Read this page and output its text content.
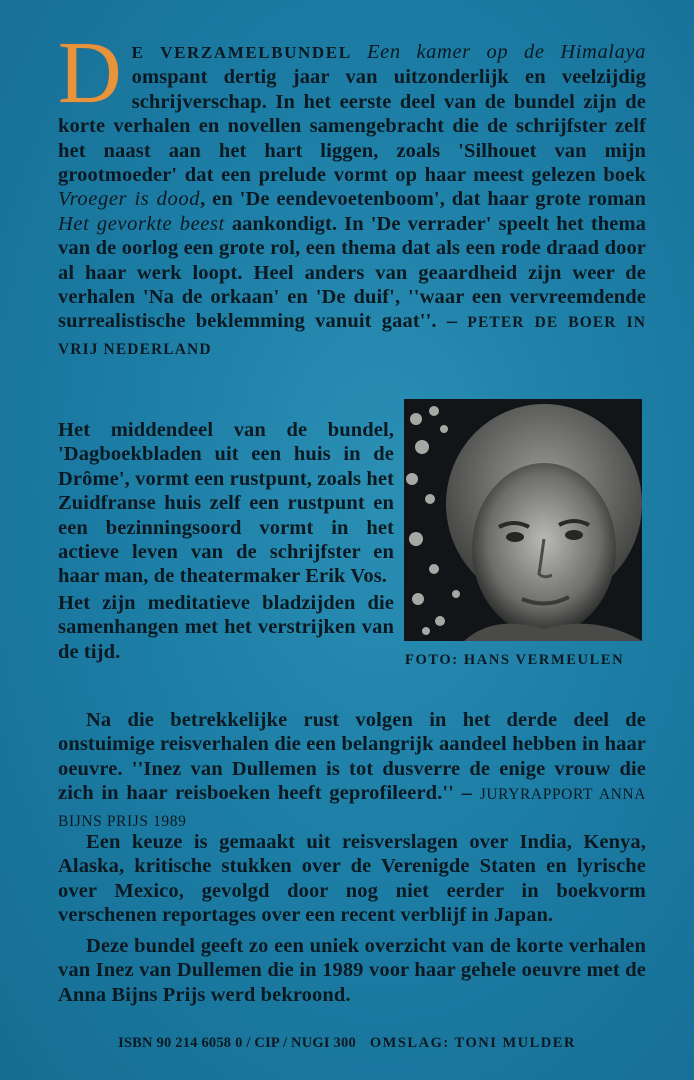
D E VERZAMELBUNDEL Een kamer op de Himalaya omspant dertig jaar van uitzonderlijk en veelzijdig schrijverschap. In het eerste deel van de bundel zijn de korte verhalen en novellen samengebracht die de schrijfster zelf het naast aan het hart liggen, zoals 'Silhouet van mijn grootmoeder' dat een prelude vormt op haar meest gelezen boek Vroeger is dood, en 'De eendevoetenboom', dat haar grote roman Het gevorkte beest aankondigt. In 'De verrader' speelt het thema van de oorlog een grote rol, een thema dat als een rode draad door al haar werk loopt. Heel anders van geaardheid zijn weer de verhalen 'Na de orkaan' en 'De duif', ''waar een vervreemdende surrealistische beklemming vanuit gaat''. – PETER DE BOER IN VRIJ NEDERLAND

Het middendeel van de bundel, 'Dagboekbladen uit een huis in de Drôme', vormt een rustpunt, zoals het Zuidfranse huis zelf een rustpunt en een bezinningsoord vormt in het actieve leven van de schrijfster en haar man, de theatermaker Erik Vos.

Het zijn meditatieve bladzijden die samenhangen met het verstrijken van de tijd.	FOTO: HANS VERMEULEN

Na die betrekkelijke rust volgen in het derde deel de onstuimige reisverhalen die een belangrijk aandeel hebben in haar oeuvre. ''Inez van Dullemen is tot dusverre de enige vrouw die zich in haar reisboeken heeft geprofileerd.'' – JURYRAPPORT ANNA BIJNS PRIJS 1989

Een keuze is gemaakt uit reisverslagen over India, Kenya, Alaska, kritische stukken over de Verenigde Staten en lyrische over Mexico, gevolgd door nog niet eerder in boekvorm verschenen reportages over een recent verblijf in Japan.

Deze bundel geeft zo een uniek overzicht van de korte verhalen van Inez van Dullemen die in 1989 voor haar gehele oeuvre met de Anna Bijns Prijs werd bekroond.

ISBN 90 214 6058 0 / CIP / NUGI 300 OMSLAG: TONI MULDER
